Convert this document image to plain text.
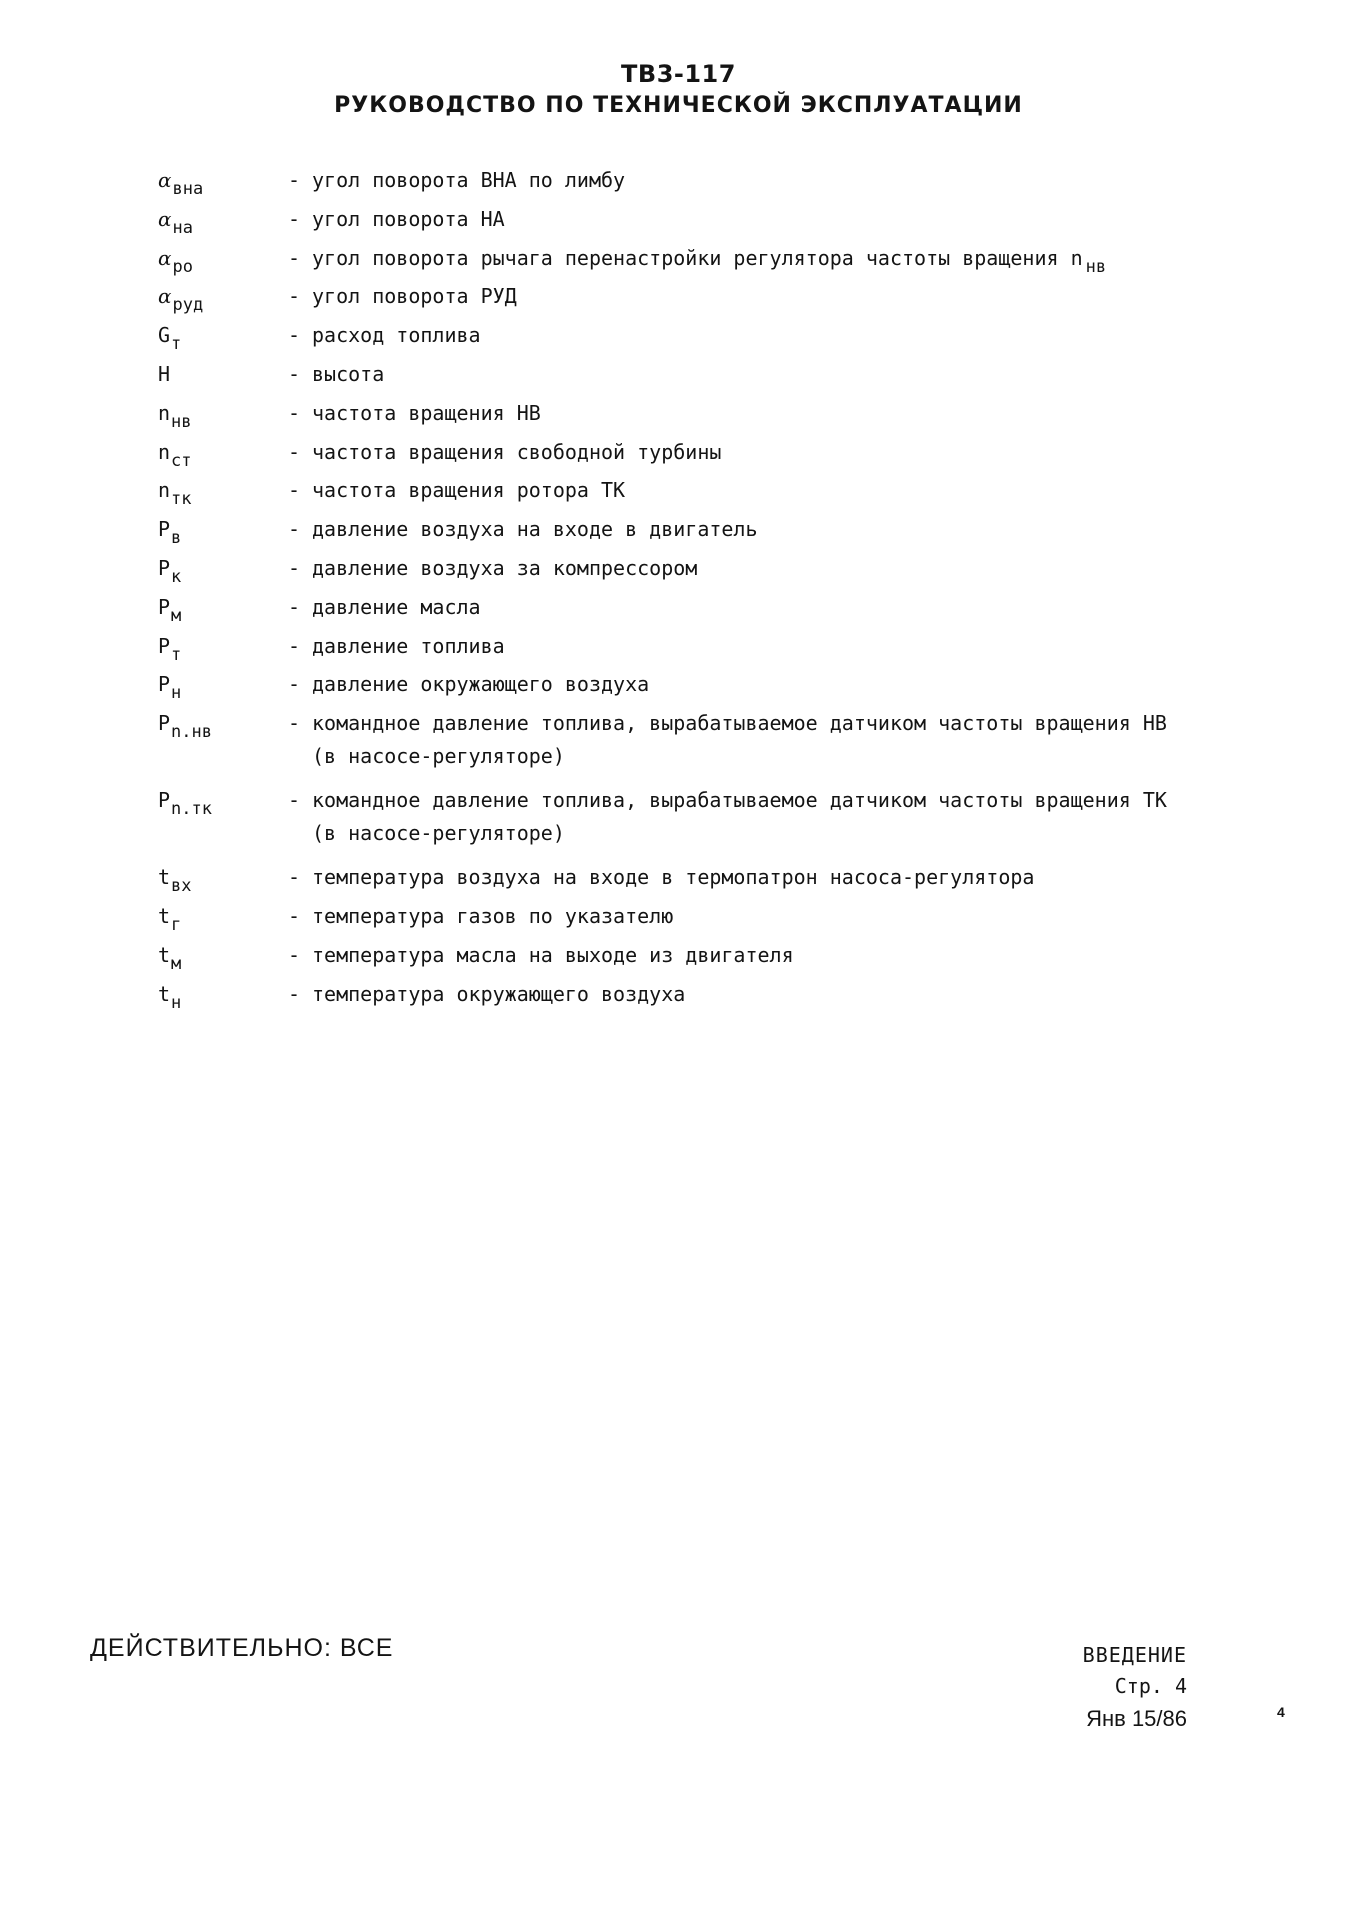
ТВ3-117
РУКОВОДСТВО ПО ТЕХНИЧЕСКОЙ ЭКСПЛУАТАЦИИ
$\alpha_{вна}$	- угол поворота ВНА по лимбу
$\alpha_{на}$	- угол поворота НА
$\alpha_{ро}$	- угол поворота рычага перенастройки регулятора частоты вращения n $_{нв}$
$\alpha_{руд}$	- угол поворота РУД
$G_т$	- расход топлива
H	- высота
$n_{нв}$	- частота вращения НВ
$n_{ст}$	- частота вращения свободной турбины
$n_{тк}$	- частота вращения ротора ТК
$P_в$	- давление воздуха на входе в двигатель
$P_к$	- давление воздуха за компрессором
$P_м$	- давление масла
$P_т$	- давление топлива
$P_н$	- давление окружающего воздуха
$P_{n.нв}$	- командное давление топлива, вырабатываемое датчиком частоты вращения НВ
(в насосе-регуляторе)
$P_{n.тк}$	- командное давление топлива, вырабатываемое датчиком частоты вращения ТК
(в насосе-регуляторе)
$t_{вх}$	- температура воздуха на входе в термопатрон насоса-регулятора
$t_г$	- температура газов по указателю
$t_м$	- температура масла на выходе из двигателя
$t_н$	- температура окружающего воздуха
ДЕЙСТВИТЕЛЬНО: ВСЕ	ВВЕДЕНИЕ
Стр. 4
Янв 15/86	4
